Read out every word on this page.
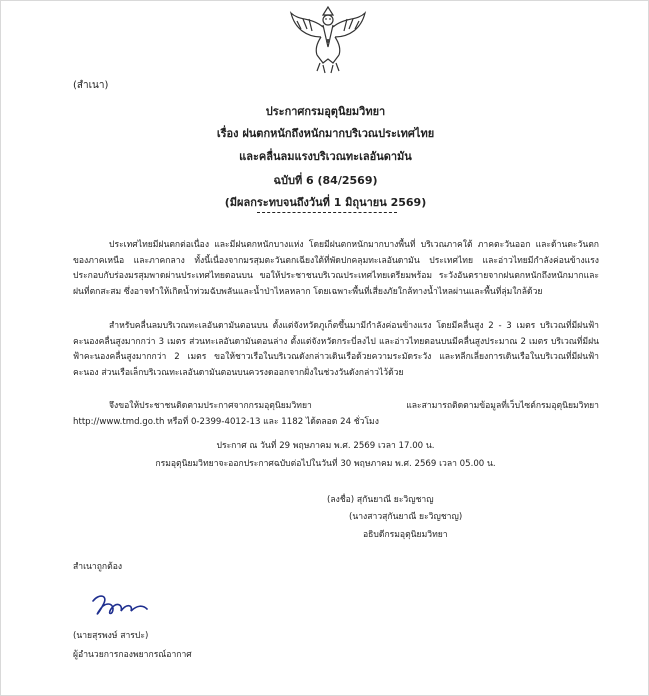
(สำเนา)
ประกาศกรมอุตุนิยมวิทยา
เรื่อง ฝนตกหนักถึงหนักมากบริเวณประเทศไทย
และคลื่นลมแรงบริเวณทะเลอันดามัน
ฉบับที่ 6 (84/2569)
(มีผลกระทบจนถึงวันที่ 1 มิถุนายน 2569)
ประเทศไทยมีฝนตกต่อเนื่อง และมีฝนตกหนักบางแห่ง โดยมีฝนตกหนักมากบางพื้นที่ บริเวณภาคใต้ ภาคตะวันออก และด้านตะวันตกของภาคเหนือ และภาคกลาง ทั้งนี้เนื่องจากมรสุมตะวันตกเฉียงใต้ที่พัดปกคลุมทะเลอันดามัน ประเทศไทย และอ่าวไทยมีกำลังค่อนข้างแรง ประกอบกับร่องมรสุมพาดผ่านประเทศไทยตอนบน ขอให้ประชาชนบริเวณประเทศไทยเตรียมพร้อม ระวังอันตรายจากฝนตกหนักถึงหนักมากและฝนที่ตกสะสม ซึ่งอาจทำให้เกิดน้ำท่วมฉับพลันและน้ำป่าไหลหลาก โดยเฉพาะพื้นที่เสี่ยงภัยใกล้ทางน้ำไหลผ่านและพื้นที่ลุ่มใกล้ด้วย
สำหรับคลื่นลมบริเวณทะเลอันดามันตอนบน ตั้งแต่จังหวัดภูเก็ตขึ้นมามีกำลังค่อนข้างแรง โดยมีคลื่นสูง 2 - 3 เมตร บริเวณที่มีฝนฟ้าคะนองคลื่นสูงมากกว่า 3 เมตร ส่วนทะเลอันดามันตอนล่าง ตั้งแต่จังหวัดกระบี่ลงไป และอ่าวไทยตอนบนมีคลื่นสูงประมาณ 2 เมตร บริเวณที่มีฝนฟ้าคะนองคลื่นสูงมากกว่า 2 เมตร ขอให้ชาวเรือในบริเวณดังกล่าวเดินเรือด้วยความระมัดระวัง และหลีกเลี่ยงการเดินเรือในบริเวณที่มีฝนฟ้าคะนอง ส่วนเรือเล็กบริเวณทะเลอันดามันตอนบนควรงดออกจากฝั่งในช่วงวันดังกล่าวไว้ด้วย
จึงขอให้ประชาชนติดตามประกาศจากกรมอุตุนิยมวิทยา และสามารถติดตามข้อมูลที่เว็บไซต์กรมอุตุนิยมวิทยา http://www.tmd.go.th หรือที่ 0-2399-4012-13 และ 1182 ได้ตลอด 24 ชั่วโมง
ประกาศ ณ วันที่ 29 พฤษภาคม พ.ศ. 2569 เวลา 17.00 น.
กรมอุตุนิยมวิทยาจะออกประกาศฉบับต่อไปในวันที่ 30 พฤษภาคม พ.ศ. 2569 เวลา 05.00 น.
(ลงชื่อ) สุกันยาณี ยะวิญชาญ
(นางสาวสุกันยาณี ยะวิญชาญ)
อธิบดีกรมอุตุนิยมวิทยา
สำเนาถูกต้อง
(นายสุรพงษ์ สารปะ)
ผู้อำนวยการกองพยากรณ์อากาศ
